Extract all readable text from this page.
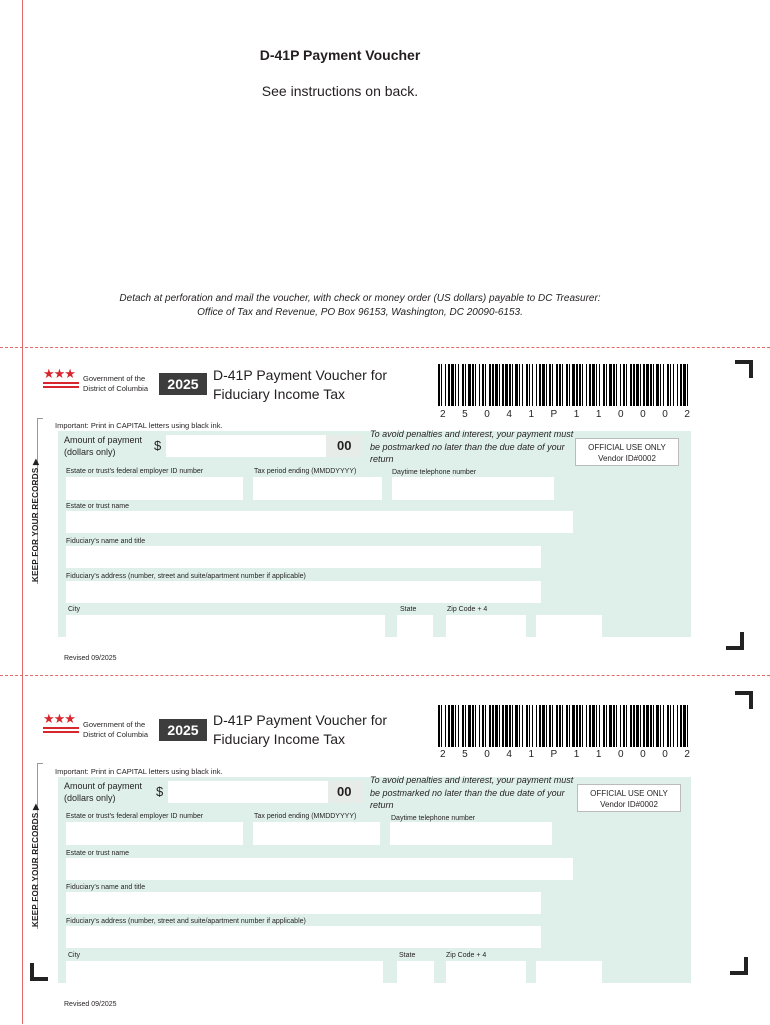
D-41P Payment Voucher
See instructions on back.
Detach at perforation and mail the voucher, with check or money order (US dollars) payable to DC Treasurer:
Office of Tax and Revenue, PO Box 96153, Washington, DC 20090-6153.
★★★	Government of the
District of Columbia	2025
D-41P Payment Voucher for
Fiduciary Income Tax
2 5 0 4 1 P 1 1 0 0 0 2
KEEP FOR YOUR RECORDS ▶
Important: Print in CAPITAL letters using black ink.
Amount of payment
(dollars only)	$	00
To avoid penalties and interest, your payment must be postmarked no later than the due date of your return
OFFICIAL USE ONLY
Vendor ID#0002
Estate or trust's federal employer ID number	Tax period ending (MMDDYYYY)	Daytime telephone number
Estate or trust name
Fiduciary's name and title
Fiduciary's address (number, street and suite/apartment number if applicable)
City	State	Zip Code + 4
Revised 09/2025
★★★	Government of the
District of Columbia	2025
D-41P Payment Voucher for
Fiduciary Income Tax
2 5 0 4 1 P 1 1 0 0 0 2
KEEP FOR YOUR RECORDS ▶
Important: Print in CAPITAL letters using black ink.
Amount of payment
(dollars only)	$	00
To avoid penalties and interest, your payment must be postmarked no later than the due date of your return
OFFICIAL USE ONLY
Vendor ID#0002
Estate or trust's federal employer ID number	Tax period ending (MMDDYYYY)	Daytime telephone number
Estate or trust name
Fiduciary's name and title
Fiduciary's address (number, street and suite/apartment number if applicable)
City	State	Zip Code + 4
Revised 09/2025
